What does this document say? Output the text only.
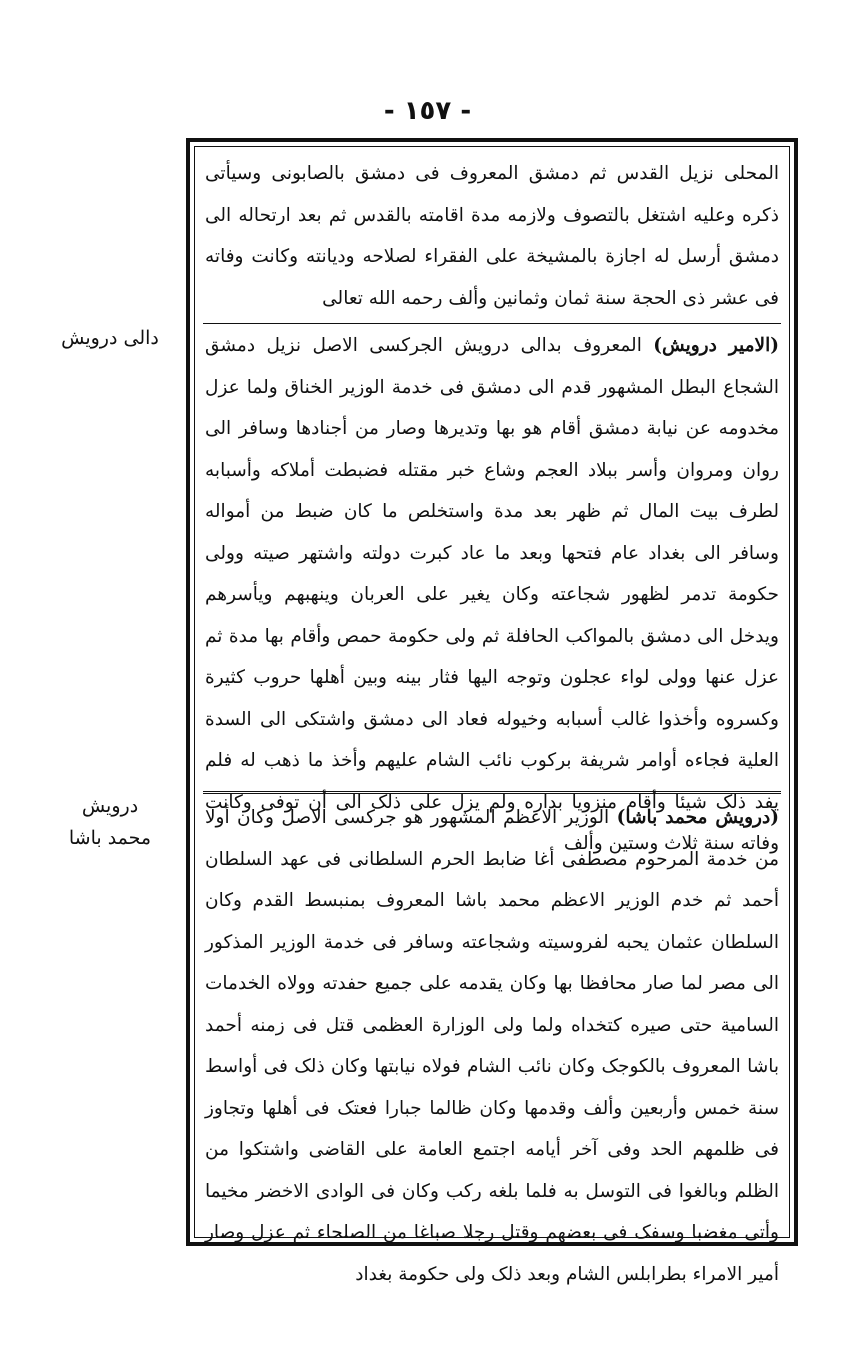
- ١٥٧ -
دالی درویش
درویش
محمد باشا

المحلی نزیل القدس ثم دمشق المعروف فی دمشق بالصابونی وسیأتی ذکره وعلیه اشتغل بالتصوف ولازمه مدة اقامته بالقدس ثم بعد ارتحاله الی دمشق أرسل له اجازة بالمشیخة علی الفقراء لصلاحه ودیانته وکانت وفاته فی عشر ذی الحجة سنة ثمان وثمانین وألف رحمه الله تعالی

(الامیر درویش) المعروف بدالی درویش الجرکسی الاصل نزیل دمشق الشجاع البطل المشهور قدم الی دمشق فی خدمة الوزیر الخناق ولما عزل مخدومه عن نیابة دمشق أقام هو بها وتدیرها وصار من أجنادها وسافر الی روان ومروان وأسر ببلاد العجم وشاع خبر مقتله فضبطت أملاکه وأسبابه لطرف بیت المال ثم ظهر بعد مدة واستخلص ما کان ضبط من أمواله وسافر الی بغداد عام فتحها وبعد ما عاد کبرت دولته واشتهر صیته وولی حکومة تدمر لظهور شجاعته وکان یغیر علی العربان وینهبهم ویأسرهم ویدخل الی دمشق بالمواکب الحافلة ثم ولی حکومة حمص وأقام بها مدة ثم عزل عنها وولی لواء عجلون وتوجه الیها فثار بینه وبین أهلها حروب کثیرة وکسروه وأخذوا غالب أسبابه وخیوله فعاد الی دمشق واشتکی الی السدة العلیة فجاءه أوامر شریفة برکوب نائب الشام علیهم وأخذ ما ذهب له فلم یفد ذلک شیئا وأقام منزویا بداره ولم یزل علی ذلک الی أن توفی وکانت وفاته سنة ثلاث وستین وألف

(درویش محمد باشا) الوزیر الاعظم المشهور هو جرکسی الاصل وکان أولا من خدمة المرحوم مصطفی أغا ضابط الحرم السلطانی فی عهد السلطان أحمد ثم خدم الوزیر الاعظم محمد باشا المعروف بمنبسط القدم وکان السلطان عثمان یحبه لفروسیته وشجاعته وسافر فی خدمة الوزیر المذکور الی مصر لما صار محافظا بها وکان یقدمه علی جمیع حفدته وولاه الخدمات السامیة حتی صیره کتخداه ولما ولی الوزارة العظمی قتل فی زمنه أحمد باشا المعروف بالکوجک وکان نائب الشام فولاه نیابتها وکان ذلک فی أواسط سنة خمس وأربعین وألف وقدمها وکان ظالما جبارا فعتک فی أهلها وتجاوز فی ظلمهم الحد وفی آخر أیامه اجتمع العامة علی القاضی واشتکوا من الظلم وبالغوا فی التوسل به فلما بلغه رکب وکان فی الوادی الاخضر مخیما وأتی مغضبا وسفک فی بعضهم وقتل رجلا صباغا من الصلحاء ثم عزل وصار أمیر الامراء بطرابلس الشام وبعد ذلک ولی حکومة بغداد
